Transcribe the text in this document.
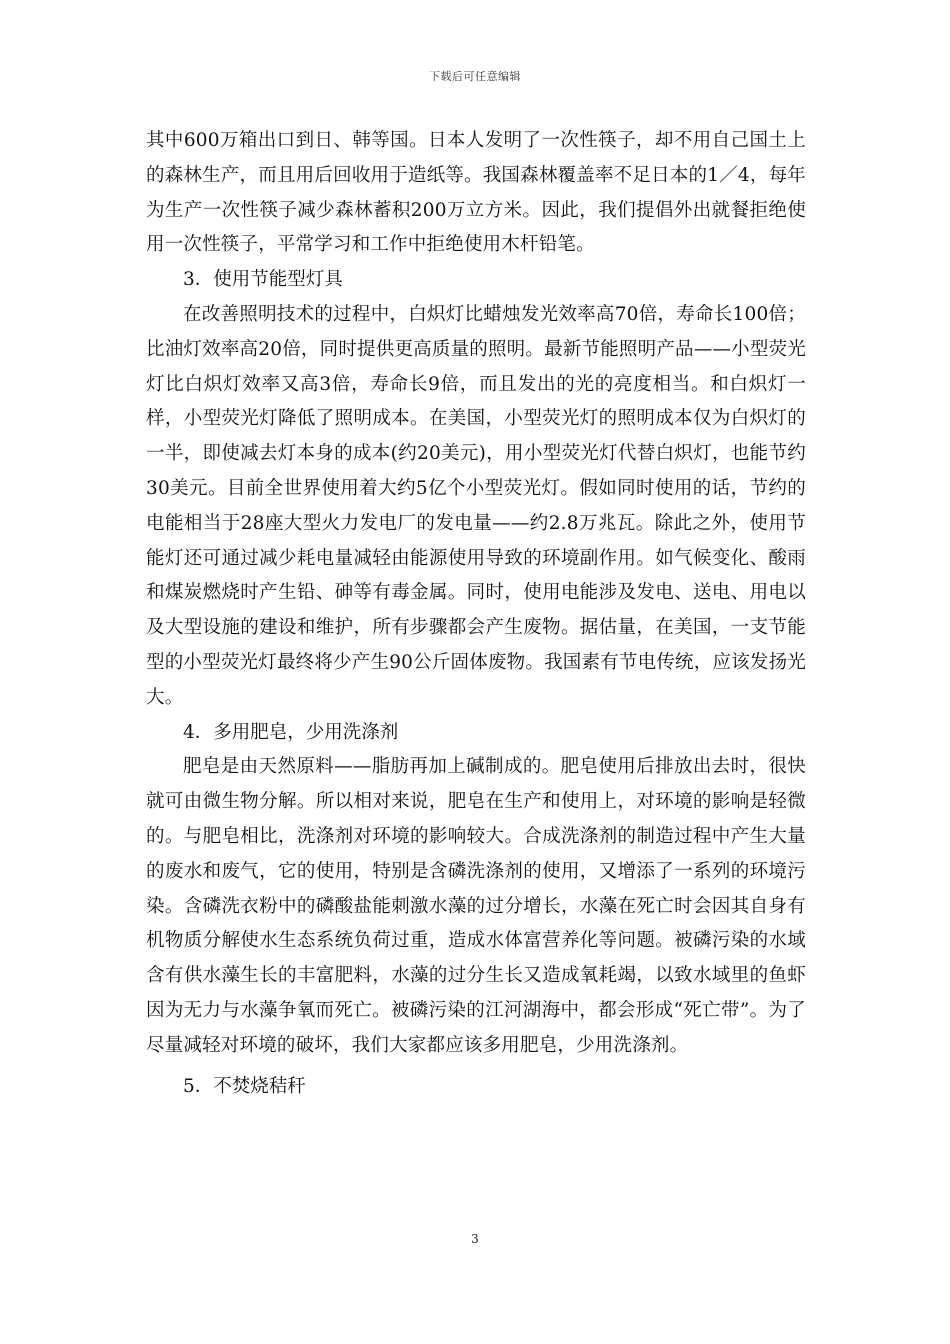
下载后可任意编辑

其中600万箱出口到日、韩等国。日本人发明了一次性筷子，却不用自己国土上的森林生产，而且用后回收用于造纸等。我国森林覆盖率不足日本的1／4，每年为生产一次性筷子减少森林蓄积200万立方米。因此，我们提倡外出就餐拒绝使用一次性筷子，平常学习和工作中拒绝使用木杆铅笔。

3．使用节能型灯具

在改善照明技术的过程中，白炽灯比蜡烛发光效率高70倍，寿命长100倍；比油灯效率高20倍，同时提供更高质量的照明。最新节能照明产品——小型荧光灯比白炽灯效率又高3倍，寿命长9倍，而且发出的光的亮度相当。和白炽灯一样，小型荧光灯降低了照明成本。在美国，小型荧光灯的照明成本仅为白炽灯的一半，即使减去灯本身的成本(约20美元)，用小型荧光灯代替白炽灯，也能节约30美元。目前全世界使用着大约5亿个小型荧光灯。假如同时使用的话，节约的电能相当于28座大型火力发电厂的发电量——约2.8万兆瓦。除此之外，使用节能灯还可通过减少耗电量减轻由能源使用导致的环境副作用。如气候变化、酸雨和煤炭燃烧时产生铅、砷等有毒金属。同时，使用电能涉及发电、送电、用电以及大型设施的建设和维护，所有步骤都会产生废物。据估量，在美国，一支节能型的小型荧光灯最终将少产生90公斤固体废物。我国素有节电传统，应该发扬光大。

4．多用肥皂，少用洗涤剂

肥皂是由天然原料——脂肪再加上碱制成的。肥皂使用后排放出去时，很快就可由微生物分解。所以相对来说，肥皂在生产和使用上，对环境的影响是轻微的。与肥皂相比，洗涤剂对环境的影响较大。合成洗涤剂的制造过程中产生大量的废水和废气，它的使用，特别是含磷洗涤剂的使用，又增添了一系列的环境污染。含磷洗衣粉中的磷酸盐能刺激水藻的过分增长，水藻在死亡时会因其自身有机物质分解使水生态系统负荷过重，造成水体富营养化等问题。被磷污染的水域含有供水藻生长的丰富肥料，水藻的过分生长又造成氧耗竭，以致水域里的鱼虾因为无力与水藻争氧而死亡。被磷污染的江河湖海中，都会形成“死亡带”。为了尽量减轻对环境的破坏，我们大家都应该多用肥皂，少用洗涤剂。

5．不焚烧秸秆

3
